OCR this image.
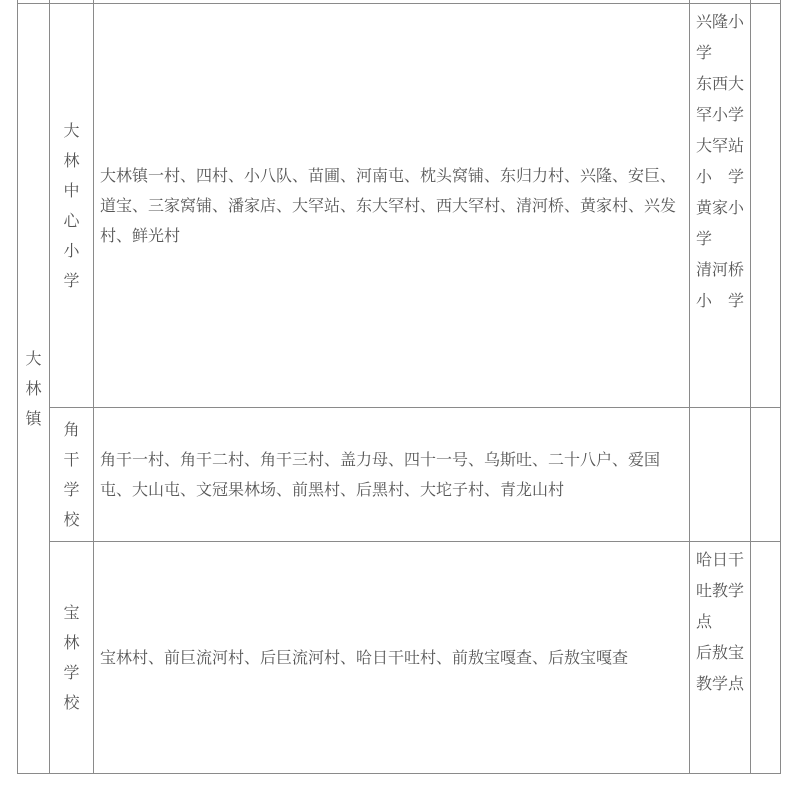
大林镇	大林中心小学	大林镇一村、四村、小八队、苗圃、河南屯、枕头窝铺、东归力村、兴隆、安巨、道宝、三家窝铺、潘家店、大罕站、东大罕村、西大罕村、清河桥、黄家村、兴发村、鲜光村	兴隆小学
东西大罕小学
大罕站小学
黄家小学
清河桥小学	

	角干学校	角干一村、角干二村、角干三村、盖力母、四十一号、乌斯吐、二十八户、爱国屯、大山屯、文冠果林场、前黑村、后黑村、大坨子村、青龙山村		
	宝林学校	宝林村、前巨流河村、后巨流河村、哈日干吐村、前敖宝嘎查、后敖宝嘎查	哈日干吐教学点
后敖宝教学点	
